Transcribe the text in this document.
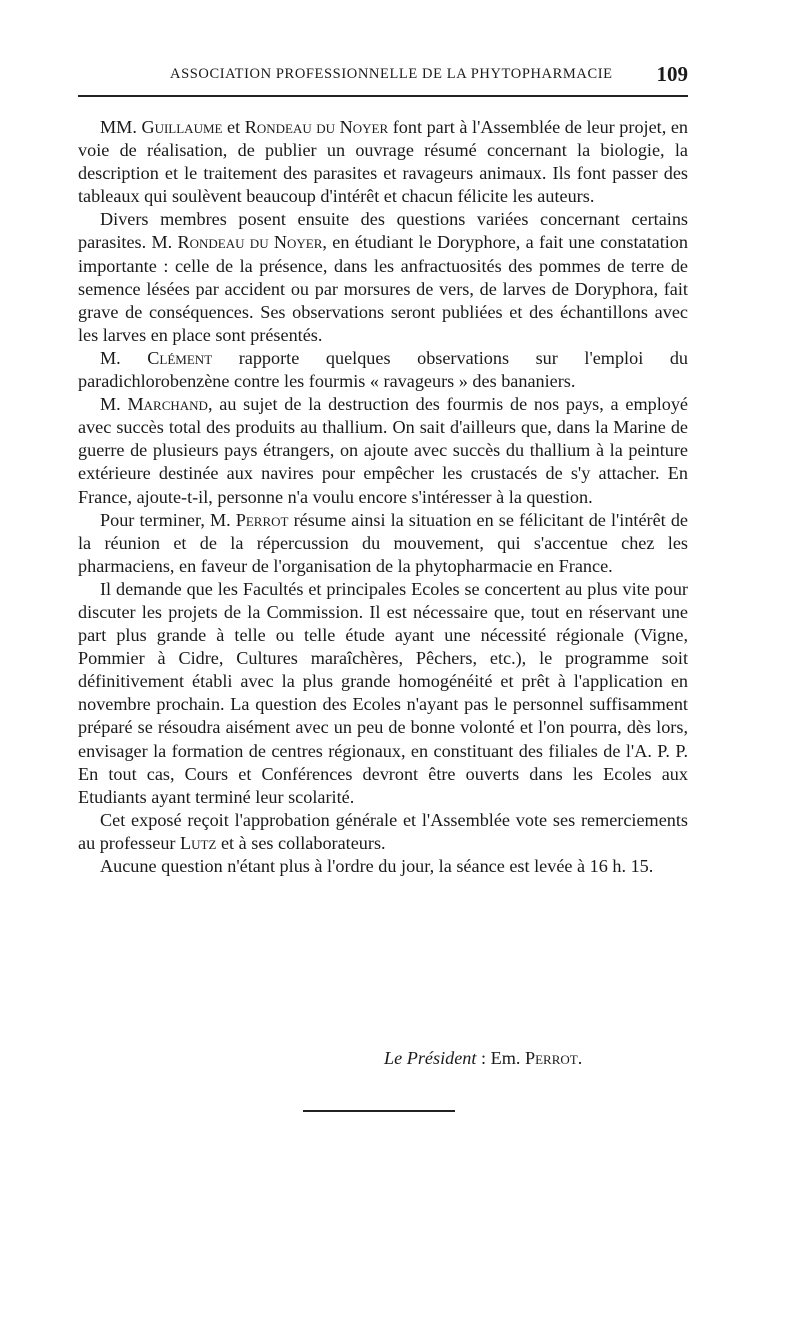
ASSOCIATION PROFESSIONNELLE DE LA PHYTOPHARMACIE 109

MM. Guillaume et Rondeau du Noyer font part à l'Assemblée de leur projet, en voie de réalisation, de publier un ouvrage résumé concernant la biologie, la description et le traitement des parasites et ravageurs animaux. Ils font passer des tableaux qui soulèvent beaucoup d'intérêt et chacun félicite les auteurs.

Divers membres posent ensuite des questions variées concernant certains parasites. M. Rondeau du Noyer, en étudiant le Doryphore, a fait une constatation importante : celle de la présence, dans les anfractuosités des pommes de terre de semence lésées par accident ou par morsures de vers, de larves de Doryphora, fait grave de conséquences. Ses observations seront publiées et des échantillons avec les larves en place sont présentés.

M. Clément rapporte quelques observations sur l'emploi du paradichlorobenzène contre les fourmis « ravageurs » des bananiers.

M. Marchand, au sujet de la destruction des fourmis de nos pays, a employé avec succès total des produits au thallium. On sait d'ailleurs que, dans la Marine de guerre de plusieurs pays étrangers, on ajoute avec succès du thallium à la peinture extérieure destinée aux navires pour empêcher les crustacés de s'y attacher. En France, ajoute-t-il, personne n'a voulu encore s'intéresser à la question.

Pour terminer, M. Perrot résume ainsi la situation en se félicitant de l'intérêt de la réunion et de la répercussion du mouvement, qui s'accentue chez les pharmaciens, en faveur de l'organisation de la phytopharmacie en France.

Il demande que les Facultés et principales Ecoles se concertent au plus vite pour discuter les projets de la Commission. Il est nécessaire que, tout en réservant une part plus grande à telle ou telle étude ayant une nécessité régionale (Vigne, Pommier à Cidre, Cultures maraîchères, Pêchers, etc.), le programme soit définitivement établi avec la plus grande homogénéité et prêt à l'application en novembre prochain. La question des Ecoles n'ayant pas le personnel suffisamment préparé se résoudra aisément avec un peu de bonne volonté et l'on pourra, dès lors, envisager la formation de centres régionaux, en constituant des filiales de l'A. P. P. En tout cas, Cours et Conférences devront être ouverts dans les Ecoles aux Etudiants ayant terminé leur scolarité.

Cet exposé reçoit l'approbation générale et l'Assemblée vote ses remerciements au professeur Lutz et à ses collaborateurs.

Aucune question n'étant plus à l'ordre du jour, la séance est levée à 16 h. 15.

Le Président : Em. Perrot.
